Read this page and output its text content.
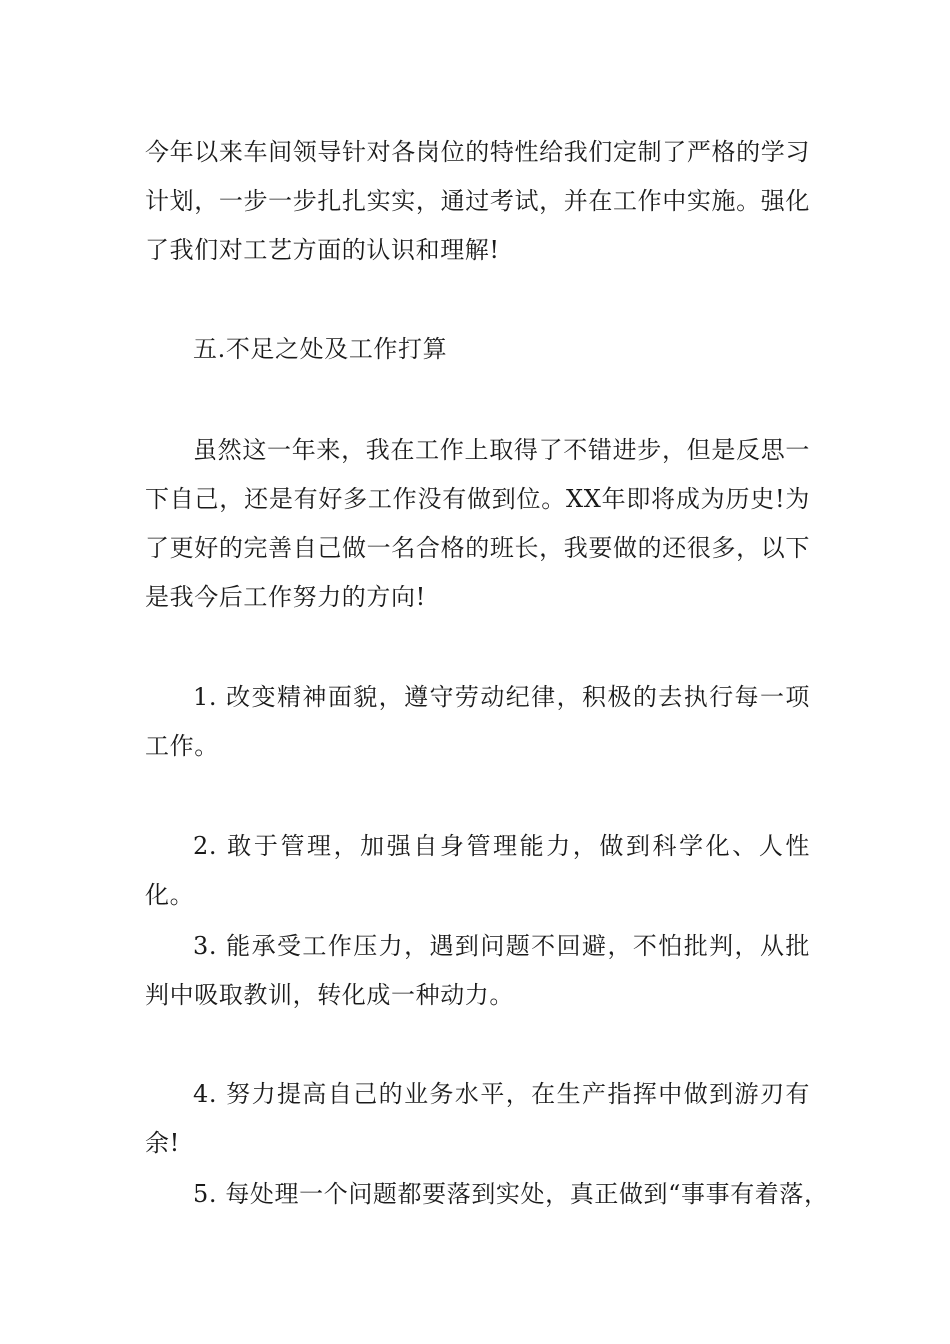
今年以来车间领导针对各岗位的特性给我们定制了严格的学习计划，一步一步扎扎实实，通过考试，并在工作中实施。强化了我们对工艺方面的认识和理解!

五.不足之处及工作打算

虽然这一年来，我在工作上取得了不错进步，但是反思一下自己，还是有好多工作没有做到位。XX年即将成为历史!为了更好的完善自己做一名合格的班长，我要做的还很多，以下是我今后工作努力的方向!

1. 改变精神面貌，遵守劳动纪律，积极的去执行每一项工作。

2. 敢于管理，加强自身管理能力，做到科学化、人性化。

3. 能承受工作压力，遇到问题不回避，不怕批判，从批判中吸取教训，转化成一种动力。

4. 努力提高自己的业务水平，在生产指挥中做到游刃有余!

5. 每处理一个问题都要落到实处，真正做到“事事有着落，
